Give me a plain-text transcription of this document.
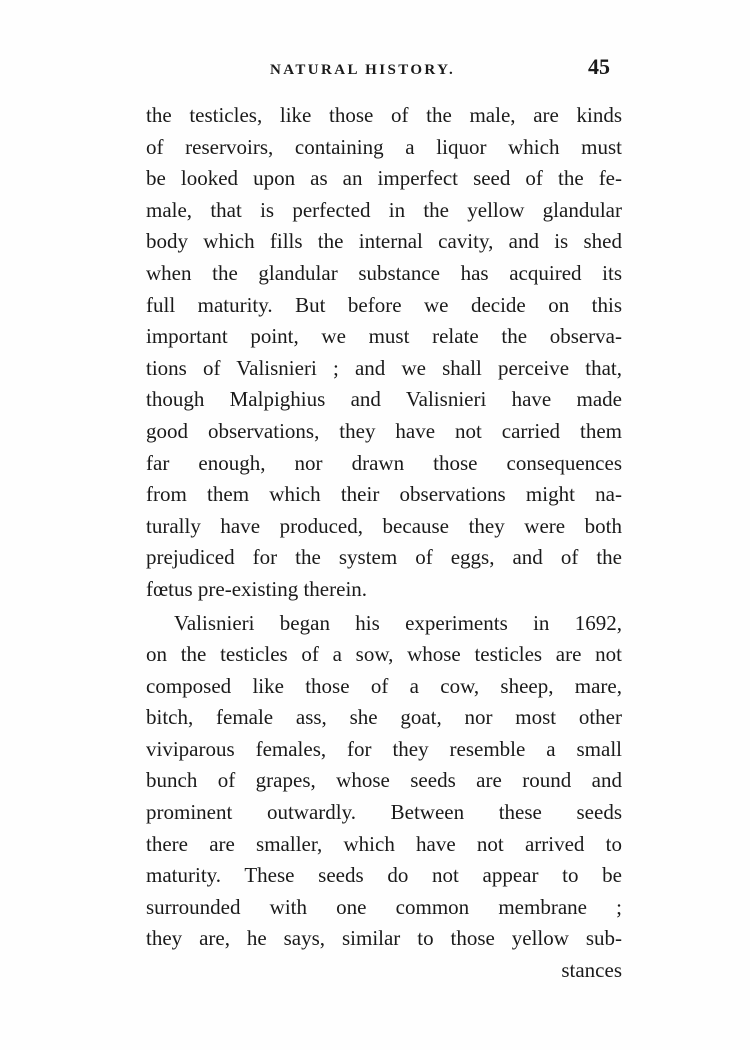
NATURAL HISTORY.	45
the testicles, like those of the male, are kinds
of reservoirs, containing a liquor which must
be looked upon as an imperfect seed of the fe-
male, that is perfected in the yellow glandular
body which fills the internal cavity, and is shed
when the glandular substance has acquired its
full maturity. But before we decide on this
important point, we must relate the observa-
tions of Valisnieri ; and we shall perceive that,
though Malpighius and Valisnieri have made
good observations, they have not carried them
far enough, nor drawn those consequences
from them which their observations might na-
turally have produced, because they were both
prejudiced for the system of eggs, and of the
fœtus pre-existing therein.
Valisnieri began his experiments in 1692,
on the testicles of a sow, whose testicles are not
composed like those of a cow, sheep, mare,
bitch, female ass, she goat, nor most other
viviparous females, for they resemble a small
bunch of grapes, whose seeds are round and
prominent outwardly. Between these seeds
there are smaller, which have not arrived to
maturity. These seeds do not appear to be
surrounded with one common membrane ;
they are, he says, similar to those yellow sub-
stances
